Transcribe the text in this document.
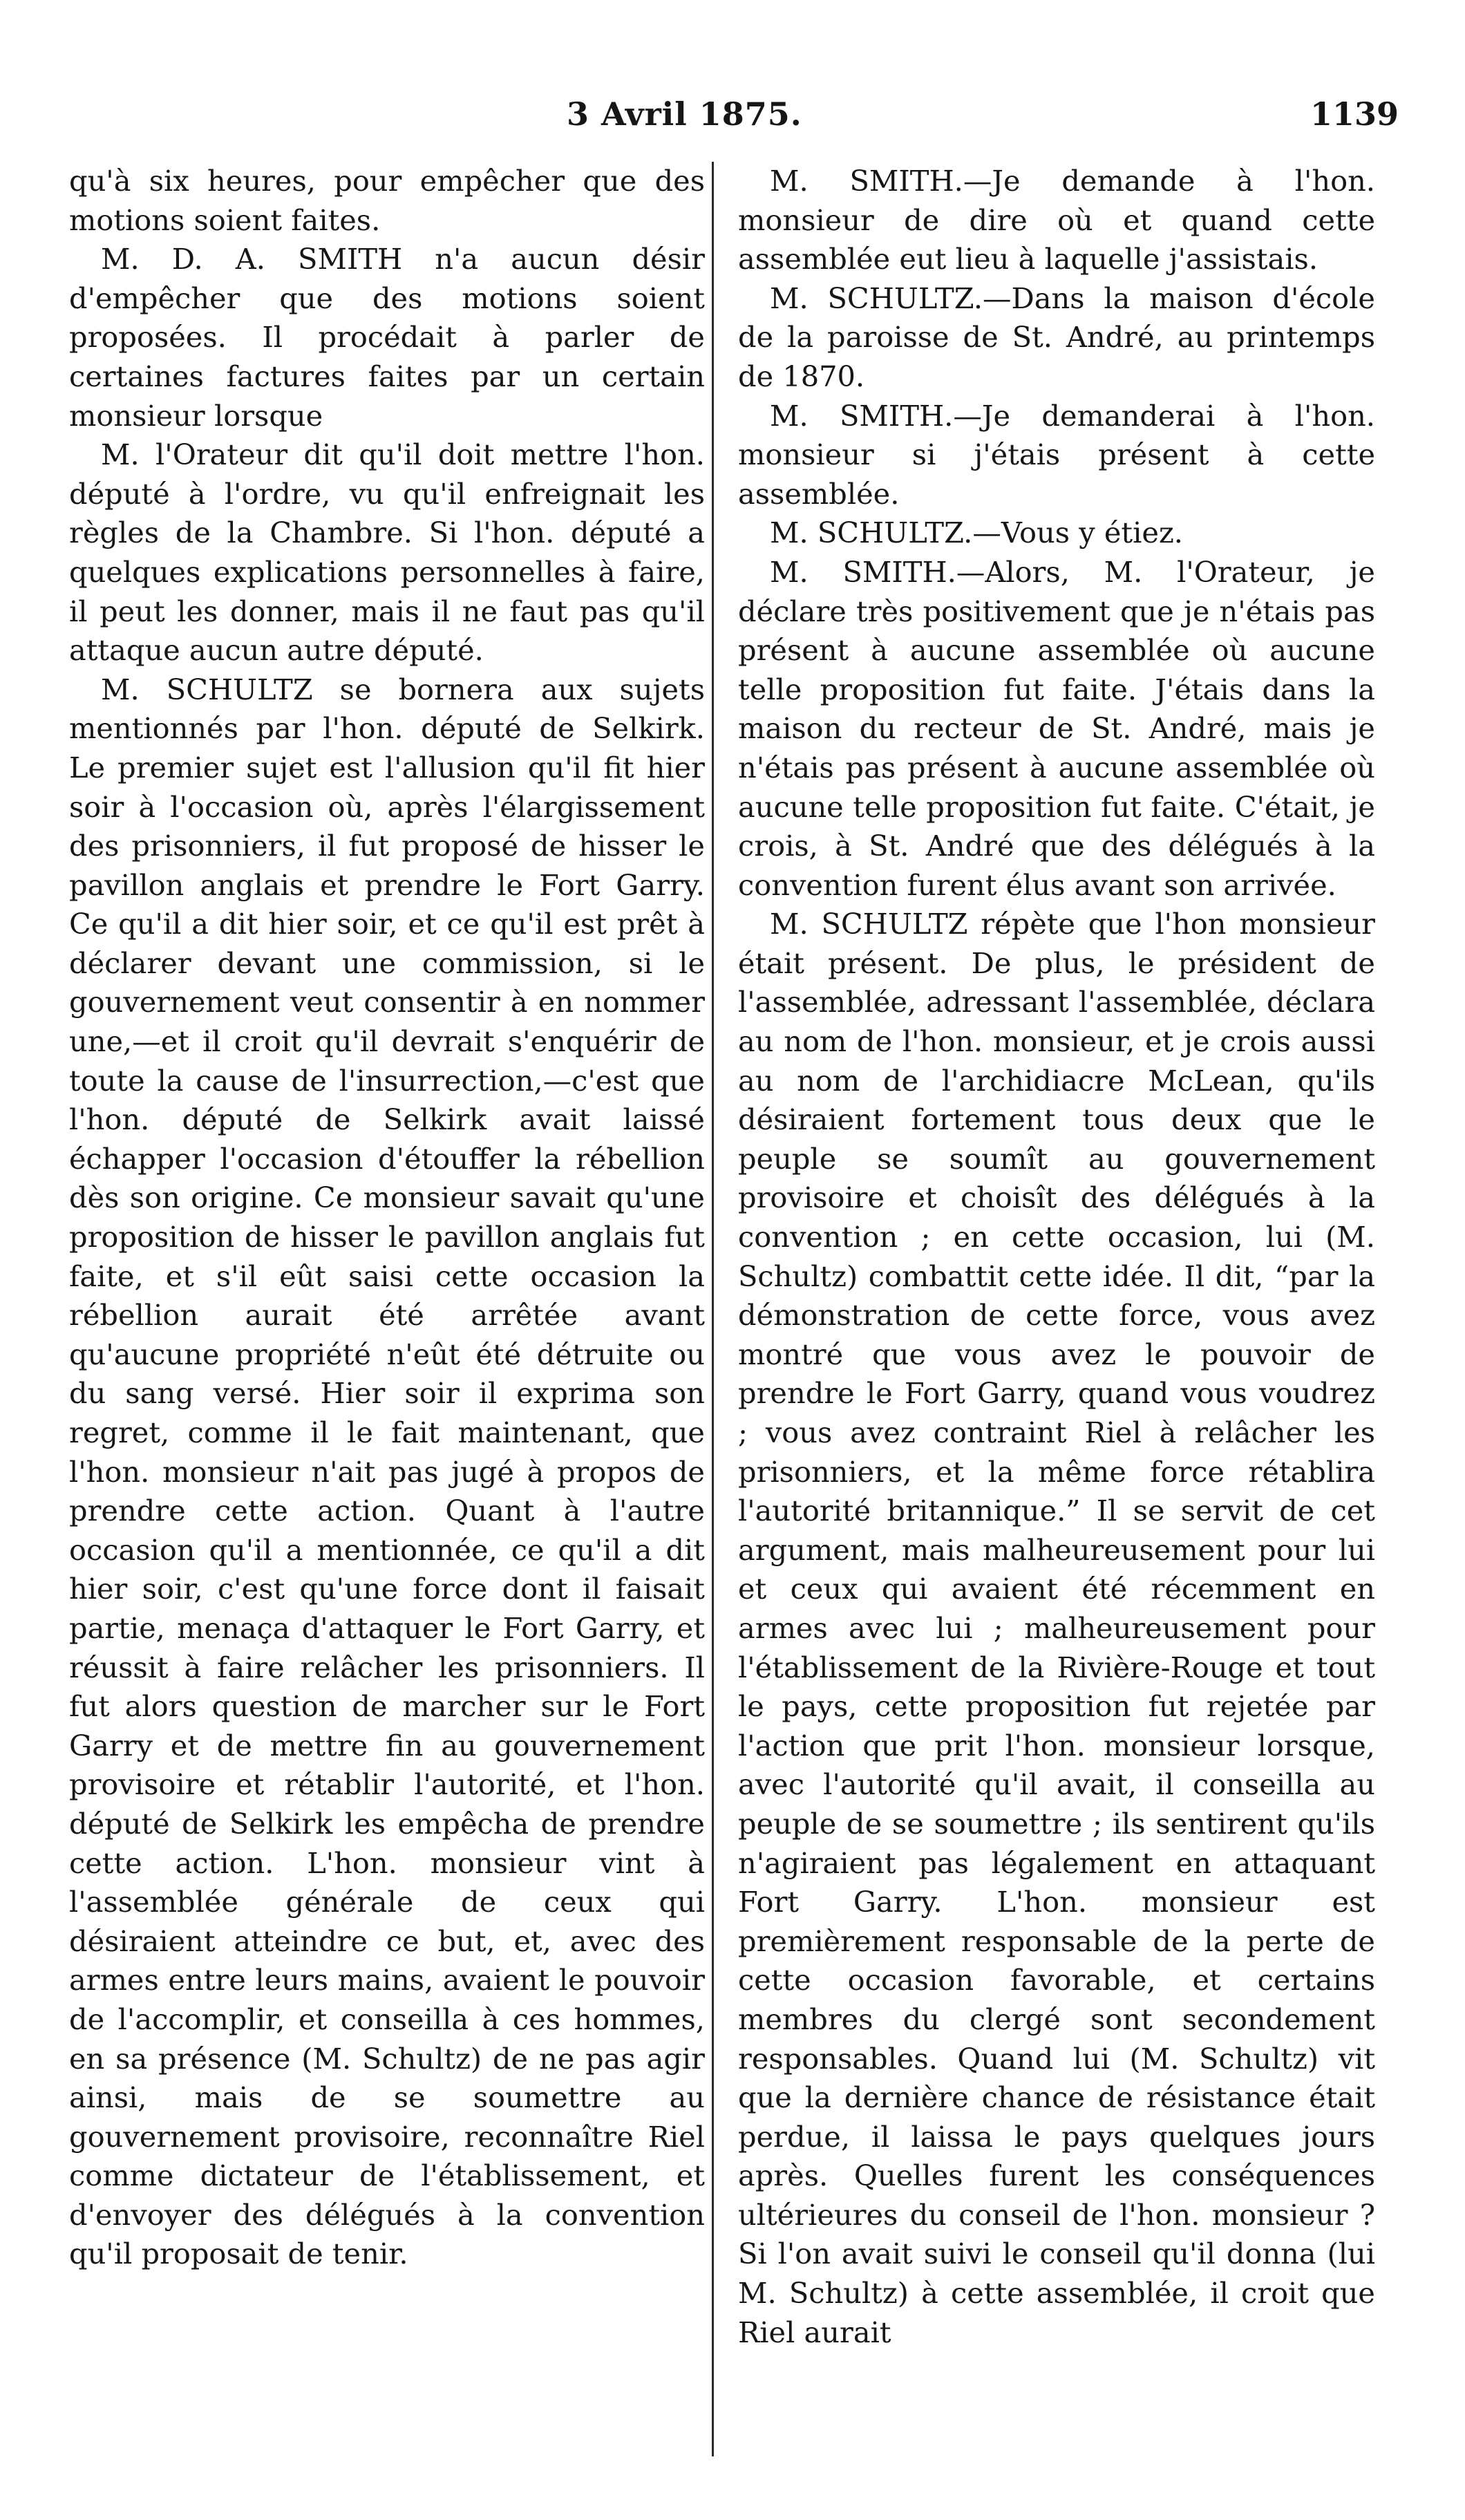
3 Avril 1875.	1139

qu'à six heures, pour empêcher que des motions soient faites.

M. D. A. SMITH n'a aucun désir d'empêcher que des motions soient proposées. Il procédait à parler de certaines factures faites par un certain monsieur lorsque

M. l'Orateur dit qu'il doit mettre l'hon. député à l'ordre, vu qu'il enfreignait les règles de la Chambre. Si l'hon. député a quelques explications personnelles à faire, il peut les donner, mais il ne faut pas qu'il attaque aucun autre député.

M. SCHULTZ se bornera aux sujets mentionnés par l'hon. député de Selkirk. Le premier sujet est l'allusion qu'il fit hier soir à l'occasion où, après l'élargissement des prisonniers, il fut proposé de hisser le pavillon anglais et prendre le Fort Garry. Ce qu'il a dit hier soir, et ce qu'il est prêt à déclarer devant une commission, si le gouvernement veut consentir à en nommer une,—et il croit qu'il devrait s'enquérir de toute la cause de l'insurrection,—c'est que l'hon. député de Selkirk avait laissé échapper l'occasion d'étouffer la rébellion dès son origine. Ce monsieur savait qu'une proposition de hisser le pavillon anglais fut faite, et s'il eût saisi cette occasion la rébellion aurait été arrêtée avant qu'aucune propriété n'eût été détruite ou du sang versé. Hier soir il exprima son regret, comme il le fait maintenant, que l'hon. monsieur n'ait pas jugé à propos de prendre cette action. Quant à l'autre occasion qu'il a mentionnée, ce qu'il a dit hier soir, c'est qu'une force dont il faisait partie, menaça d'attaquer le Fort Garry, et réussit à faire relâcher les prisonniers. Il fut alors question de marcher sur le Fort Garry et de mettre fin au gouvernement provisoire et rétablir l'autorité, et l'hon. député de Selkirk les empêcha de prendre cette action. L'hon. monsieur vint à l'assemblée générale de ceux qui désiraient atteindre ce but, et, avec des armes entre leurs mains, avaient le pouvoir de l'accomplir, et conseilla à ces hommes, en sa présence (M. Schultz) de ne pas agir ainsi, mais de se soumettre au gouvernement provisoire, reconnaître Riel comme dictateur de l'établissement, et d'envoyer des délégués à la convention qu'il proposait de tenir.

M. SMITH.—Je demande à l'hon. monsieur de dire où et quand cette assemblée eut lieu à laquelle j'assistais.

M. SCHULTZ.—Dans la maison d'école de la paroisse de St. André, au printemps de 1870.

M. SMITH.—Je demanderai à l'hon. monsieur si j'étais présent à cette assemblée.

M. SCHULTZ.—Vous y étiez.

M. SMITH.—Alors, M. l'Orateur, je déclare très positivement que je n'étais pas présent à aucune assemblée où aucune telle proposition fut faite. J'étais dans la maison du recteur de St. André, mais je n'étais pas présent à aucune assemblée où aucune telle proposition fut faite. C'était, je crois, à St. André que des délégués à la convention furent élus avant son arrivée.

M. SCHULTZ répète que l'hon monsieur était présent. De plus, le président de l'assemblée, adressant l'assemblée, déclara au nom de l'hon. monsieur, et je crois aussi au nom de l'archidiacre McLean, qu'ils désiraient fortement tous deux que le peuple se soumît au gouvernement provisoire et choisît des délégués à la convention ; en cette occasion, lui (M. Schultz) combattit cette idée. Il dit, “par la démonstration de cette force, vous avez montré que vous avez le pouvoir de prendre le Fort Garry, quand vous voudrez ; vous avez contraint Riel à relâcher les prisonniers, et la même force rétablira l'autorité britannique.” Il se servit de cet argument, mais malheureusement pour lui et ceux qui avaient été récemment en armes avec lui ; malheureusement pour l'établissement de la Rivière-Rouge et tout le pays, cette proposition fut rejetée par l'action que prit l'hon. monsieur lorsque, avec l'autorité qu'il avait, il conseilla au peuple de se soumettre ; ils sentirent qu'ils n'agiraient pas légalement en attaquant Fort Garry. L'hon. monsieur est premièrement responsable de la perte de cette occasion favorable, et certains membres du clergé sont secondement responsables. Quand lui (M. Schultz) vit que la dernière chance de résistance était perdue, il laissa le pays quelques jours après. Quelles furent les conséquences ultérieures du conseil de l'hon. monsieur ? Si l'on avait suivi le conseil qu'il donna (lui M. Schultz) à cette assemblée, il croit que Riel aurait
